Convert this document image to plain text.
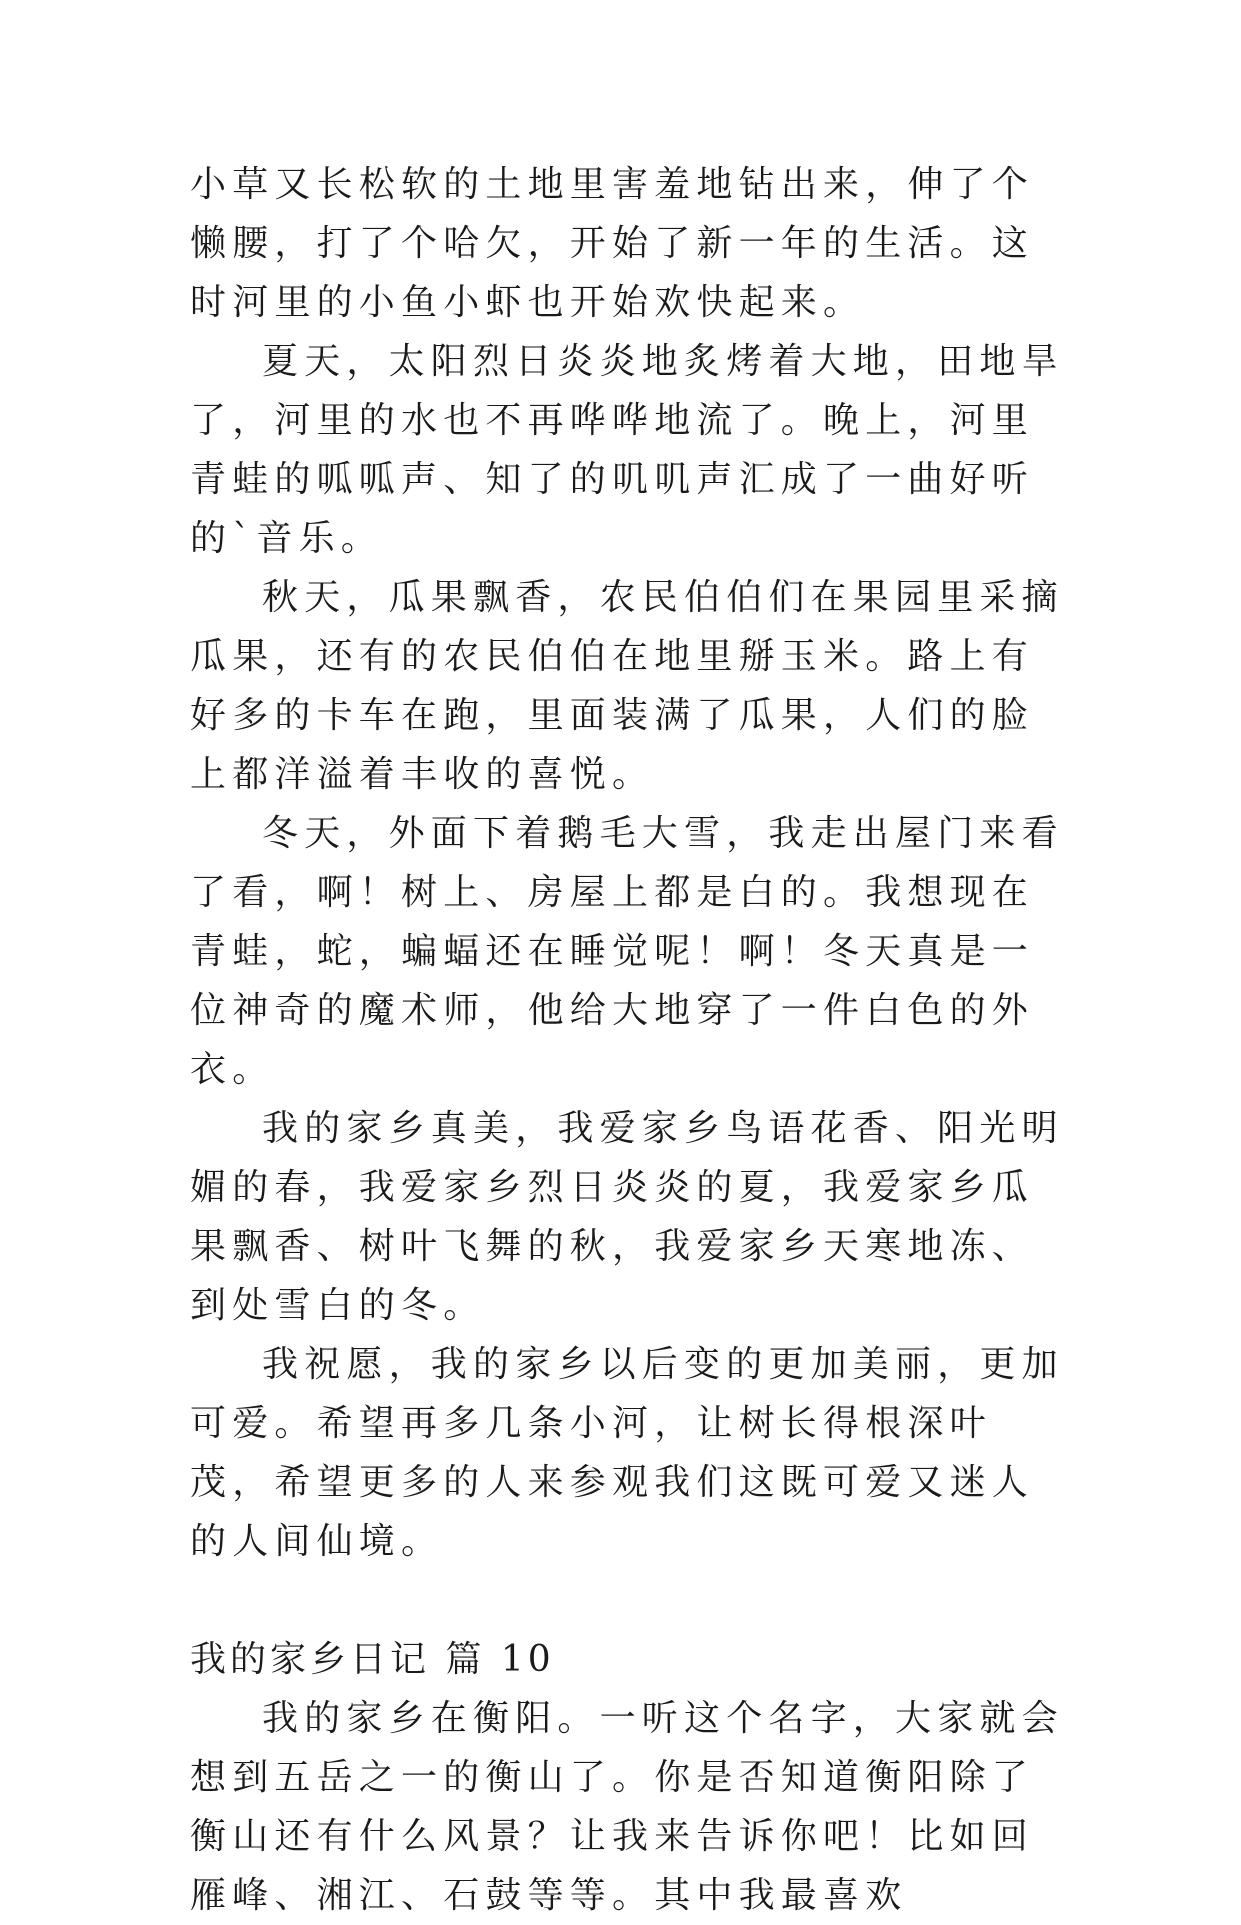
小草又长松软的土地里害羞地钻出来，伸了个懒腰，打了个哈欠，开始了新一年的生活。这时河里的小鱼小虾也开始欢快起来。

夏天，太阳烈日炎炎地炙烤着大地，田地旱了，河里的水也不再哗哗地流了。晚上，河里青蛙的呱呱声、知了的叽叽声汇成了一曲好听的`音乐。

秋天，瓜果飘香，农民伯伯们在果园里采摘瓜果，还有的农民伯伯在地里掰玉米。路上有好多的卡车在跑，里面装满了瓜果，人们的脸上都洋溢着丰收的喜悦。

冬天，外面下着鹅毛大雪，我走出屋门来看了看，啊！树上、房屋上都是白的。我想现在青蛙，蛇，蝙蝠还在睡觉呢！啊！冬天真是一位神奇的魔术师，他给大地穿了一件白色的外衣。

我的家乡真美，我爱家乡鸟语花香、阳光明媚的春，我爱家乡烈日炎炎的夏，我爱家乡瓜果飘香、树叶飞舞的秋，我爱家乡天寒地冻、到处雪白的冬。

我祝愿，我的家乡以后变的更加美丽，更加可爱。希望再多几条小河，让树长得根深叶茂，希望更多的人来参观我们这既可爱又迷人的人间仙境。

我的家乡日记 篇 10

我的家乡在衡阳。一听这个名字，大家就会想到五岳之一的衡山了。你是否知道衡阳除了衡山还有什么风景？让我来告诉你吧！比如回雁峰、湘江、石鼓等等。其中我最喜欢
